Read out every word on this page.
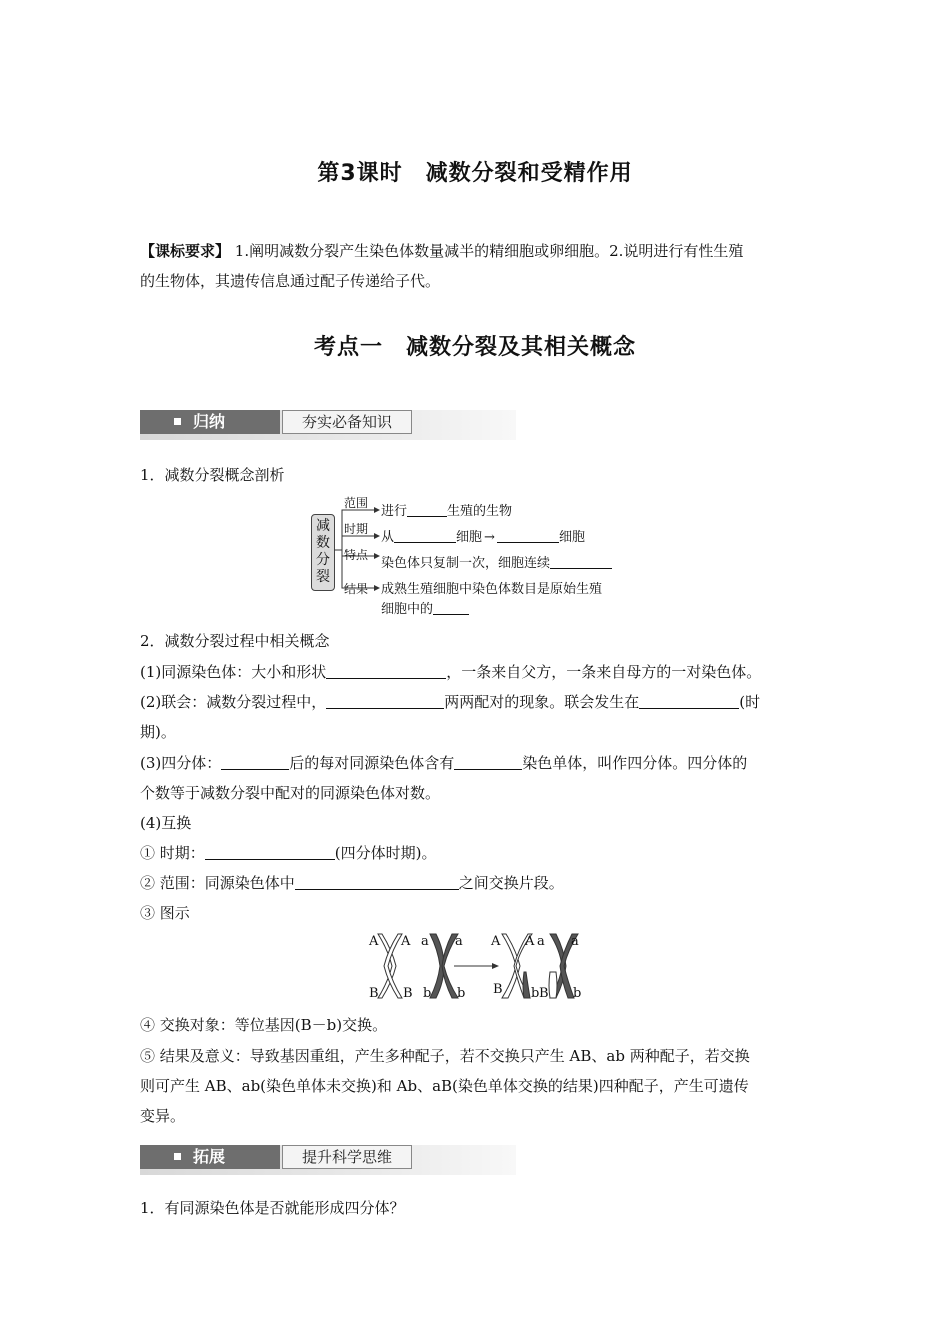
第3课时　减数分裂和受精作用
【课标要求】 1.阐明减数分裂产生染色体数量减半的精细胞或卵细胞。2.说明进行有性生殖
的生物体，其遗传信息通过配子传递给子代。
考点一　减数分裂及其相关概念
归纳	夯实必备知识
1．减数分裂概念剖析
减
数
分
裂
范围
时期
特点
结果
进行	生殖的生物
从	细胞 →	细胞
染色体只复制一次，细胞连续
成熟生殖细胞中染色体数目是原始生殖
细胞中的
2．减数分裂过程中相关概念
(1)同源染色体：大小和形状	，一条来自父方，一条来自母方的一对染色体。
(2)联会：减数分裂过程中，	两两配对的现象。联会发生在	(时
期)。
(3)四分体：	后的每对同源染色体含有	染色单体，叫作四分体。四分体的
个数等于减数分裂中配对的同源染色体对数。
(4)互换
① 时期：	(四分体时期)。
② 范围：同源染色体中	之间交换片段。
③ 图示
A A a a
B B b b
A A a a
B b B b
④ 交换对象：等位基因(B－b)交换。
⑤ 结果及意义：导致基因重组，产生多种配子，若不交换只产生 AB、ab 两种配子，若交换
则可产生 AB、ab(染色单体未交换)和 Ab、aB(染色单体交换的结果)四种配子，产生可遗传
变异。
拓展	提升科学思维
1．有同源染色体是否就能形成四分体？
